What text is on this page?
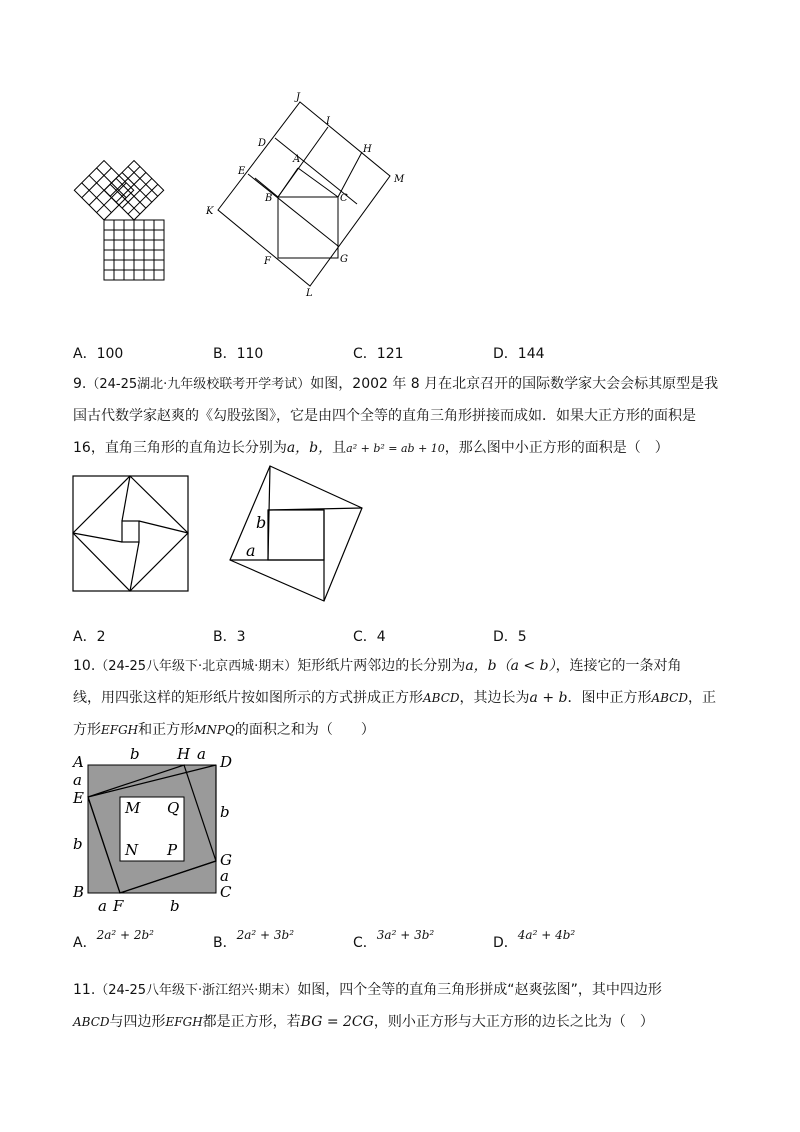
J
I
D
H
A
E
M
B	C
K
F	G
L
A．100	B．110	C．121	D．144
9.（24-25湖北·九年级校联考开学考试）如图，2002 年 8 月在北京召开的国际数学家大会会标其原型是我
国古代数学家赵爽的《勾股弦图》，它是由四个全等的直角三角形拼接而成如．如果大正方形的面积是
16，直角三角形的直角边长分别为a，b，且a² + b² = ab + 10，那么图中小正方形的面积是（　）
b
a
A．2	B．3	C．4	D．5
10.（24-25八年级下·北京西城·期末）矩形纸片两邻边的长分别为a，b（a < b），连接它的一条对角
线，用四张这样的矩形纸片按如图所示的方式拼成正方形ABCD，其边长为a + b．图中正方形ABCD，正
方形EFGH和正方形MNPQ的面积之和为（　　）
A
a
E
b
B
b H a D
b
G
a
C
a F	b
M Q
N P
A．2a² + 2b²	B．2a² + 3b²	C．3a² + 3b²	D．4a² + 4b²
11.（24-25八年级下·浙江绍兴·期末）如图，四个全等的直角三角形拼成“赵爽弦图”，其中四边形
ABCD与四边形EFGH都是正方形，若BG = 2CG，则小正方形与大正方形的边长之比为（　）
